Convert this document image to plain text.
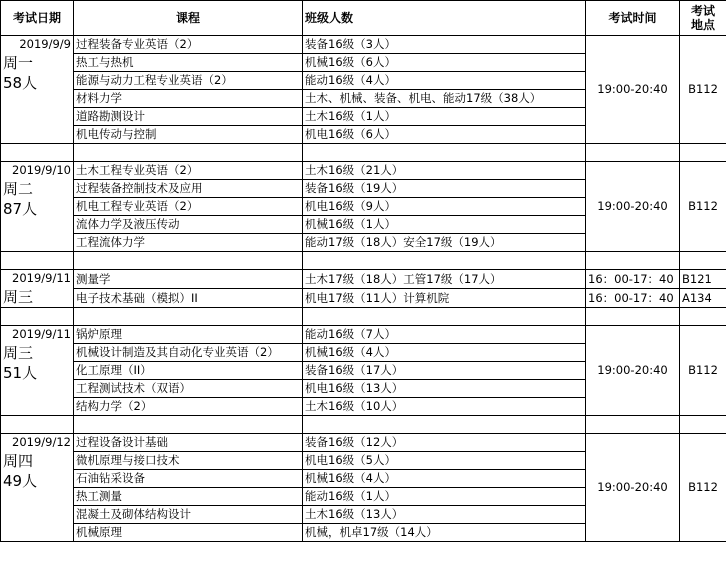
考试日期	课程	班级人数	考试时间	考试
地点

2019/9/9
周一
58人	过程装备专业英语（2）	装备16级（3人）	19:00-20:40	B112
	热工与热机	机械16级（6人）		
	能源与动力工程专业英语（2）	能动16级（4人）		
	材料力学	土木、机械、装备、机电、能动17级（38人）		
	道路勘测设计	土木16级（1人）		
	机电传动与控制	机电16级（6人）		

2019/9/10
周二
87人	土木工程专业英语（2）	土木16级（21人）	19:00-20:40	B112
	过程装备控制技术及应用	装备16级（19人）		
	机电工程专业英语（2）	机电16级（9人）		
	流体力学及液压传动	机械16级（1人）		
	工程流体力学	能动17级（18人）安全17级（19人）		

2019/9/11
周三	测量学	土木17级（18人）工管17级（17人）	16：00-17：40	B121
	电子技术基础（模拟）II	机电17级（11人）计算机院	16：00-17：40	A134

2019/9/11
周三
51人	锅炉原理	能动16级（7人）	19:00-20:40	B112
	机械设计制造及其自动化专业英语（2）	机械16级（4人）		
	化工原理（II）	装备16级（17人）		
	工程测试技术（双语）	机电16级（13人）		
	结构力学（2）	土木16级（10人）		

2019/9/12
周四
49人	过程设备设计基础	装备16级（12人）	19:00-20:40	B112
	微机原理与接口技术	机电16级（5人）		
	石油钻采设备	机械16级（4人）		
	热工测量	能动16级（1人）		
	混凝土及砌体结构设计	土木16级（13人）		
	机械原理	机械，机卓17级（14人）		
